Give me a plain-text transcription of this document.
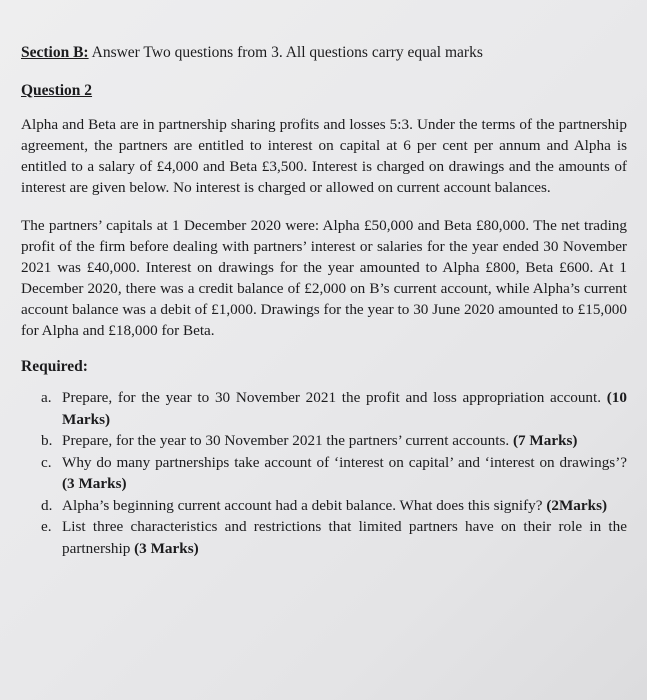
Section B: Answer Two questions from 3. All questions carry equal marks
Question 2

Alpha and Beta are in partnership sharing profits and losses 5:3. Under the terms of the partnership agreement, the partners are entitled to interest on capital at 6 per cent per annum and Alpha is entitled to a salary of £4,000 and Beta £3,500. Interest is charged on drawings and the amounts of interest are given below. No interest is charged or allowed on current account balances.

The partners’ capitals at 1 December 2020 were: Alpha £50,000 and Beta £80,000. The net trading profit of the firm before dealing with partners’ interest or salaries for the year ended 30 November 2021 was £40,000. Interest on drawings for the year amounted to Alpha £800, Beta £600. At 1 December 2020, there was a credit balance of £2,000 on B’s current account, while Alpha’s current account balance was a debit of £1,000. Drawings for the year to 30 June 2020 amounted to £15,000 for Alpha and £18,000 for Beta.

Required:
a. Prepare, for the year to 30 November 2021 the profit and loss appropriation account. (10 Marks)
b. Prepare, for the year to 30 November 2021 the partners’ current accounts. (7 Marks)
c. Why do many partnerships take account of ‘interest on capital’ and ‘interest on drawings’? (3 Marks)
d. Alpha’s beginning current account had a debit balance. What does this signify? (2Marks)
e. List three characteristics and restrictions that limited partners have on their role in the partnership (3 Marks)
